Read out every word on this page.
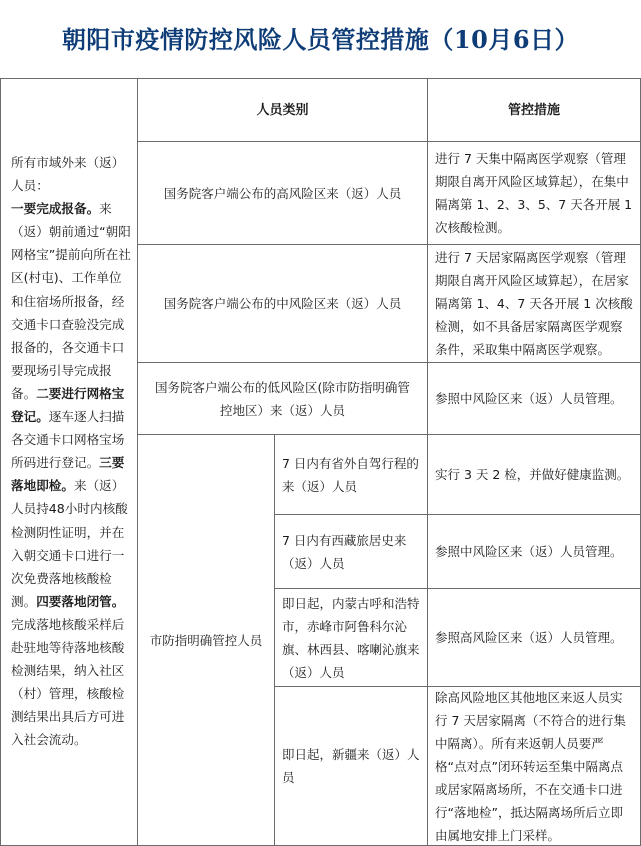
朝阳市疫情防控风险人员管控措施（10月6日）
所有市域外来（返）人员：
一要完成报备。来（返）朝前通过“朝阳网格宝”提前向所在社区(村屯)、工作单位和住宿场所报备，经交通卡口查验没完成报备的，各交通卡口要现场引导完成报备。二要进行网格宝登记。逐车逐人扫描各交通卡口网格宝场所码进行登记。三要落地即检。来（返）人员持48小时内核酸检测阴性证明，并在入朝交通卡口进行一次免费落地核酸检测。四要落地闭管。完成落地核酸采样后赴驻地等待落地核酸检测结果，纳入社区（村）管理，核酸检测结果出具后方可进入社会流动。
人员类别	管控措施
国务院客户端公布的高风险区来（返）人员
进行 7 天集中隔离医学观察（管理期限自离开风险区域算起），在集中隔离第 1、2、3、5、7 天各开展 1 次核酸检测。
国务院客户端公布的中风险区来（返）人员
进行 7 天居家隔离医学观察（管理期限自离开风险区域算起），在居家隔离第 1、4、7 天各开展 1 次核酸检测，如不具备居家隔离医学观察条件，采取集中隔离医学观察。
国务院客户端公布的低风险区(除市防指明确管控地区）来（返）人员
参照中风险区来（返）人员管理。
市防指明确管控人员
7 日内有省外自驾行程的来（返）人员
实行 3 天 2 检，并做好健康监测。
7 日内有西藏旅居史来（返）人员
参照中风险区来（返）人员管理。
即日起，内蒙古呼和浩特市，赤峰市阿鲁科尔沁旗、林西县、喀喇沁旗来（返）人员
参照高风险区来（返）人员管理。
即日起，新疆来（返）人员
除高风险地区其他地区来返人员实行 7 天居家隔离（不符合的进行集中隔离）。所有来返朝人员要严格“点对点”闭环转运至集中隔离点或居家隔离场所，不在交通卡口进行“落地检”，抵达隔离场所后立即由属地安排上门采样。
